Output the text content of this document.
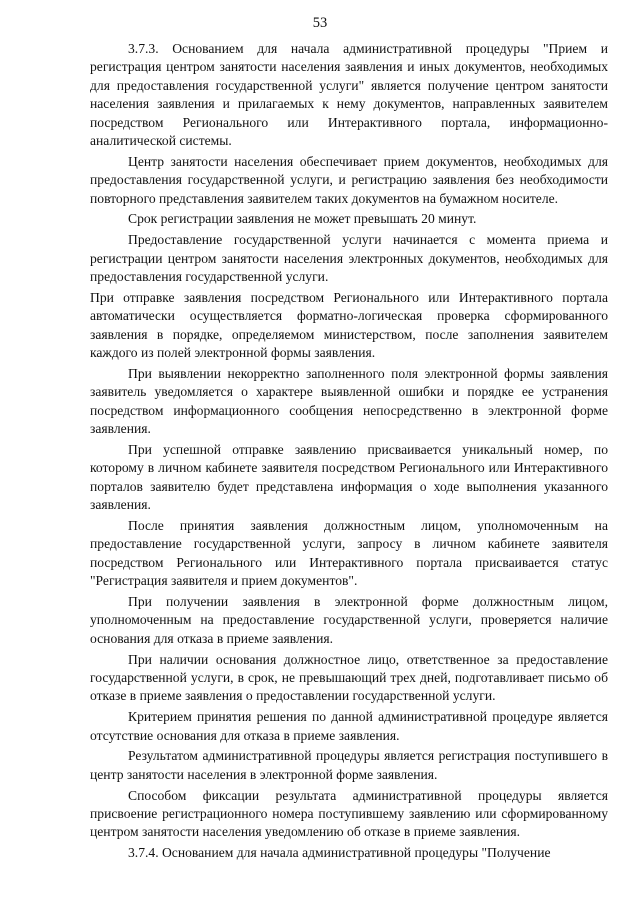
53

3.7.3. Основанием для начала административной процедуры "Прием и регистрация центром занятости населения заявления и иных документов, необходимых для предоставления государственной услуги" является получение центром занятости населения заявления и прилагаемых к нему документов, направленных заявителем посредством Регионального или Интерактивного портала, информационно-аналитической системы.

Центр занятости населения обеспечивает прием документов, необходимых для предоставления государственной услуги, и регистрацию заявления без необходимости повторного представления заявителем таких документов на бумажном носителе.

Срок регистрации заявления не может превышать 20 минут.

Предоставление государственной услуги начинается с момента приема и регистрации центром занятости населения электронных документов, необходимых для предоставления государственной услуги.

При отправке заявления посредством Регионального или Интерактивного портала автоматически осуществляется форматно-логическая проверка сформированного заявления в порядке, определяемом министерством, после заполнения заявителем каждого из полей электронной формы заявления.

При выявлении некорректно заполненного поля электронной формы заявления заявитель уведомляется о характере выявленной ошибки и порядке ее устранения посредством информационного сообщения непосредственно в электронной форме заявления.

При успешной отправке заявлению присваивается уникальный номер, по которому в личном кабинете заявителя посредством Регионального или Интерактивного порталов заявителю будет представлена информация о ходе выполнения указанного заявления.

После принятия заявления должностным лицом, уполномоченным на предоставление государственной услуги, запросу в личном кабинете заявителя посредством Регионального или Интерактивного портала присваивается статус "Регистрация заявителя и прием документов".

При получении заявления в электронной форме должностным лицом, уполномоченным на предоставление государственной услуги, проверяется наличие основания для отказа в приеме заявления.

При наличии основания должностное лицо, ответственное за предоставление государственной услуги, в срок, не превышающий трех дней, подготавливает письмо об отказе в приеме заявления о предоставлении государственной услуги.

Критерием принятия решения по данной административной процедуре является отсутствие основания для отказа в приеме заявления.

Результатом административной процедуры является регистрация поступившего в центр занятости населения в электронной форме заявления.

Способом фиксации результата административной процедуры является присвоение регистрационного номера поступившему заявлению или сформированному центром занятости населения уведомлению об отказе в приеме заявления.

3.7.4. Основанием для начала административной процедуры "Получение
